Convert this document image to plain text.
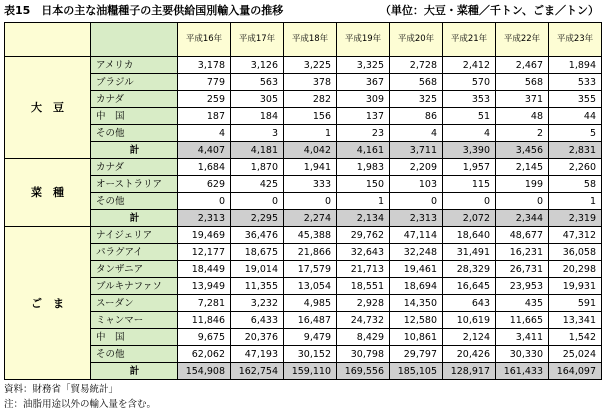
表15　日本の主な油糧種子の主要供給国別輸入量の推移	（単位：大豆・菜種／千トン、ごま／トン）
		平成16年	平成17年	平成18年	平成19年	平成20年	平成21年	平成22年	平成23年
大　豆	アメリカ	3,178	3,126	3,225	3,325	2,728	2,412	2,467	1,894
	ブラジル	779	563	378	367	568	570	568	533
	カナダ	259	305	282	309	325	353	371	355
	中　国	187	184	156	137	86	51	48	44
	その他	4	3	1	23	4	4	2	5
	計	4,407	4,181	4,042	4,161	3,711	3,390	3,456	2,831
菜　種	カナダ	1,684	1,870	1,941	1,983	2,209	1,957	2,145	2,260
	オーストラリア	629	425	333	150	103	115	199	58
	その他	0	0	0	1	0	0	0	1
	計	2,313	2,295	2,274	2,134	2,313	2,072	2,344	2,319
ご　ま	ナイジェリア	19,469	36,476	45,388	29,762	47,114	18,640	48,677	47,312
	パラグアイ	12,177	18,675	21,866	32,643	32,248	31,491	16,231	36,058
	タンザニア	18,449	19,014	17,579	21,713	19,461	28,329	26,731	20,298
	ブルキナファソ	13,949	11,355	13,054	18,551	18,694	16,645	23,953	19,931
	スーダン	7,281	3,232	4,985	2,928	14,350	643	435	591
	ミャンマー	11,846	6,433	16,487	24,732	12,580	10,619	11,665	13,341
	中　国	9,675	20,376	9,479	8,429	10,861	2,124	3,411	1,542
	その他	62,062	47,193	30,152	30,798	29,797	20,426	30,330	25,024
	計	154,908	162,754	159,110	169,556	185,105	128,917	161,433	164,097
資料：財務省「貿易統計」
注：油脂用途以外の輸入量を含む。
